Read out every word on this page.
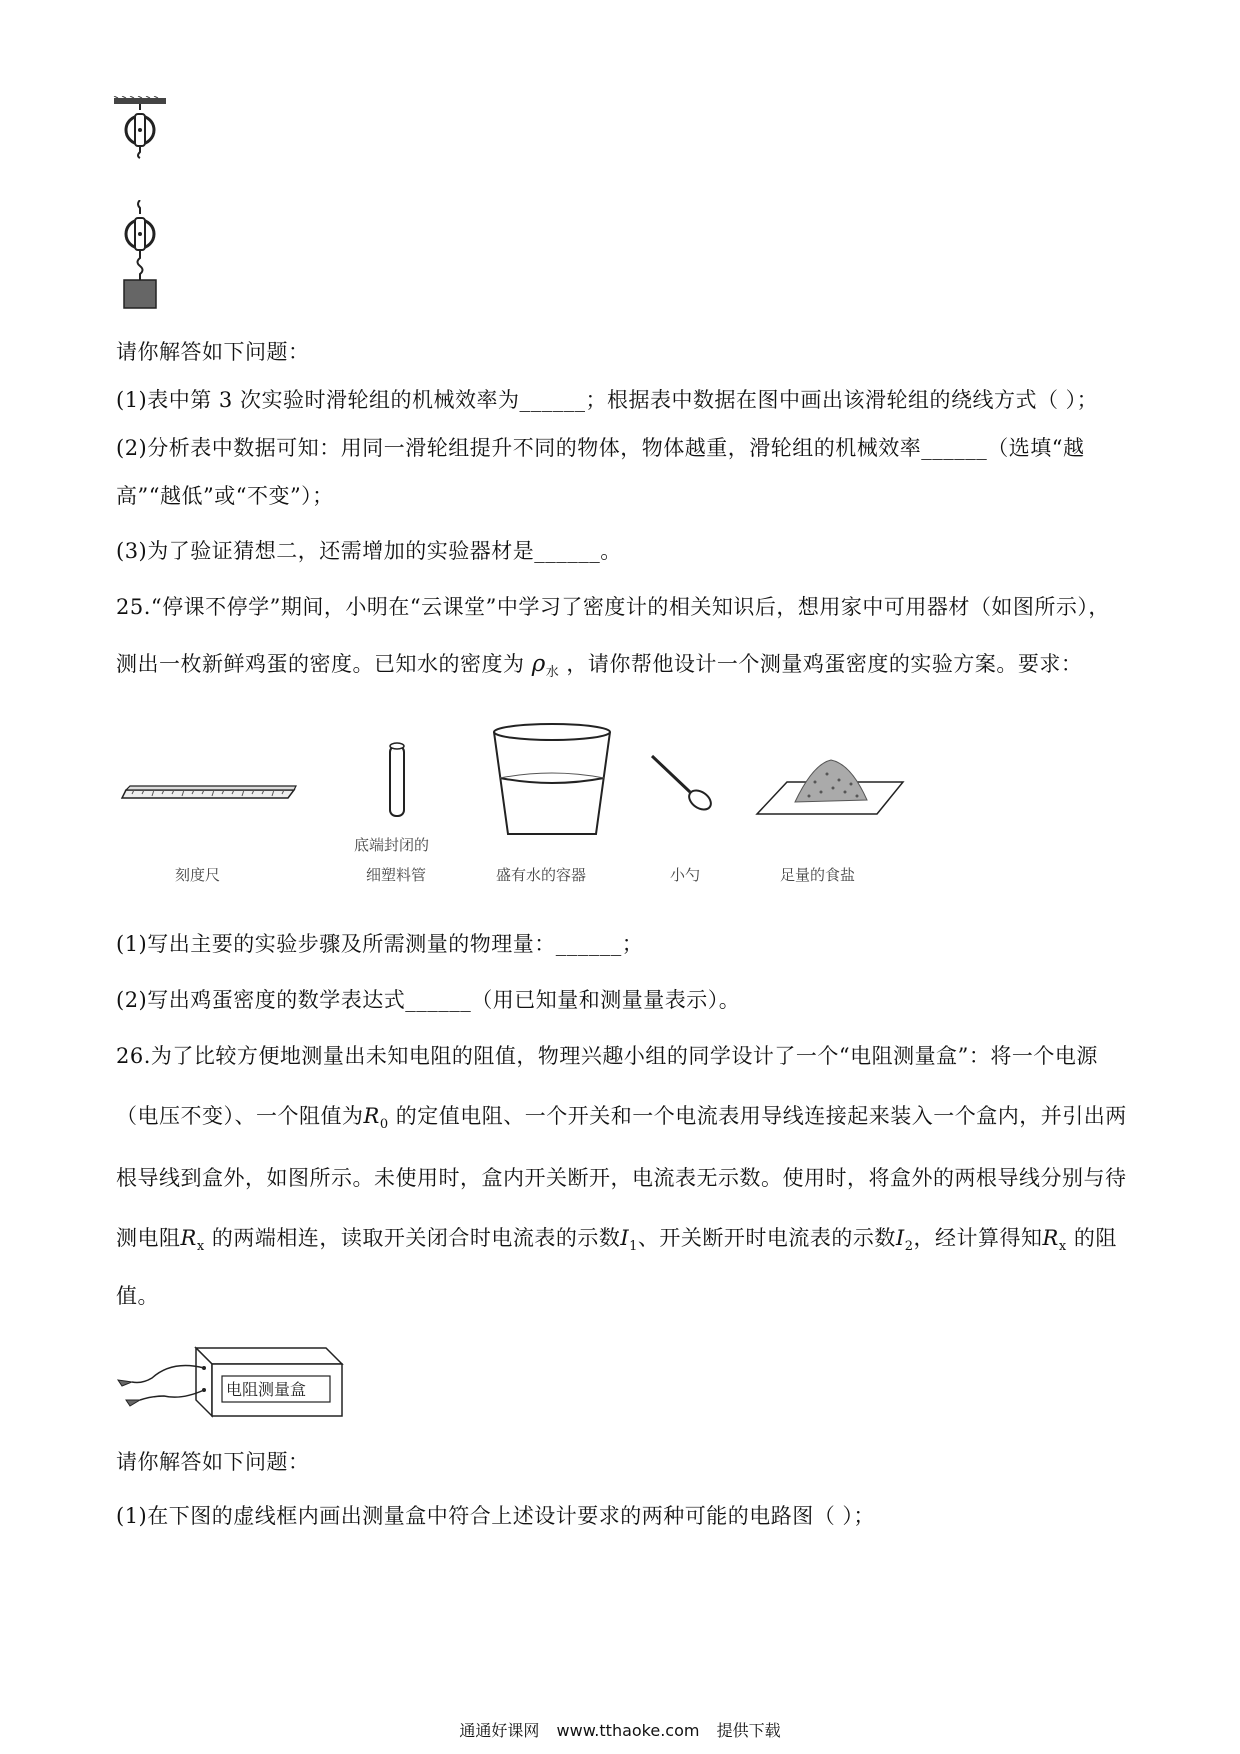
请你解答如下问题：
(1)表中第 3 次实验时滑轮组的机械效率为______；根据表中数据在图中画出该滑轮组的绕线方式（ ）；
(2)分析表中数据可知：用同一滑轮组提升不同的物体，物体越重，滑轮组的机械效率______（选填“越
高”“越低”或“不变”）；
(3)为了验证猜想二，还需增加的实验器材是______。
25.“停课不停学”期间，小明在“云课堂”中学习了密度计的相关知识后，想用家中可用器材（如图所示），
测出一枚新鲜鸡蛋的密度。已知水的密度为 $\rho_水$ ，请你帮他设计一个测量鸡蛋密度的实验方案。要求：
刻度尺
底端封闭的
细塑料管	盛有水的容器	小勺	足量的食盐
(1)写出主要的实验步骤及所需测量的物理量：______；
(2)写出鸡蛋密度的数学表达式______（用已知量和测量量表示）。
26.为了比较方便地测量出未知电阻的阻值，物理兴趣小组的同学设计了一个“电阻测量盒”：将一个电源
（电压不变）、一个阻值为$R_0$ 的定值电阻、一个开关和一个电流表用导线连接起来装入一个盒内，并引出两
根导线到盒外，如图所示。未使用时，盒内开关断开，电流表无示数。使用时，将盒外的两根导线分别与待
测电阻$R_x$ 的两端相连，读取开关闭合时电流表的示数$I_1$、开关断开时电流表的示数$I_2$，经计算得知$R_x$ 的阻
值。
电阻测量盒
请你解答如下问题：
(1)在下图的虚线框内画出测量盒中符合上述设计要求的两种可能的电路图（ ）；
通通好课网 www.tthaoke.com 提供下载
